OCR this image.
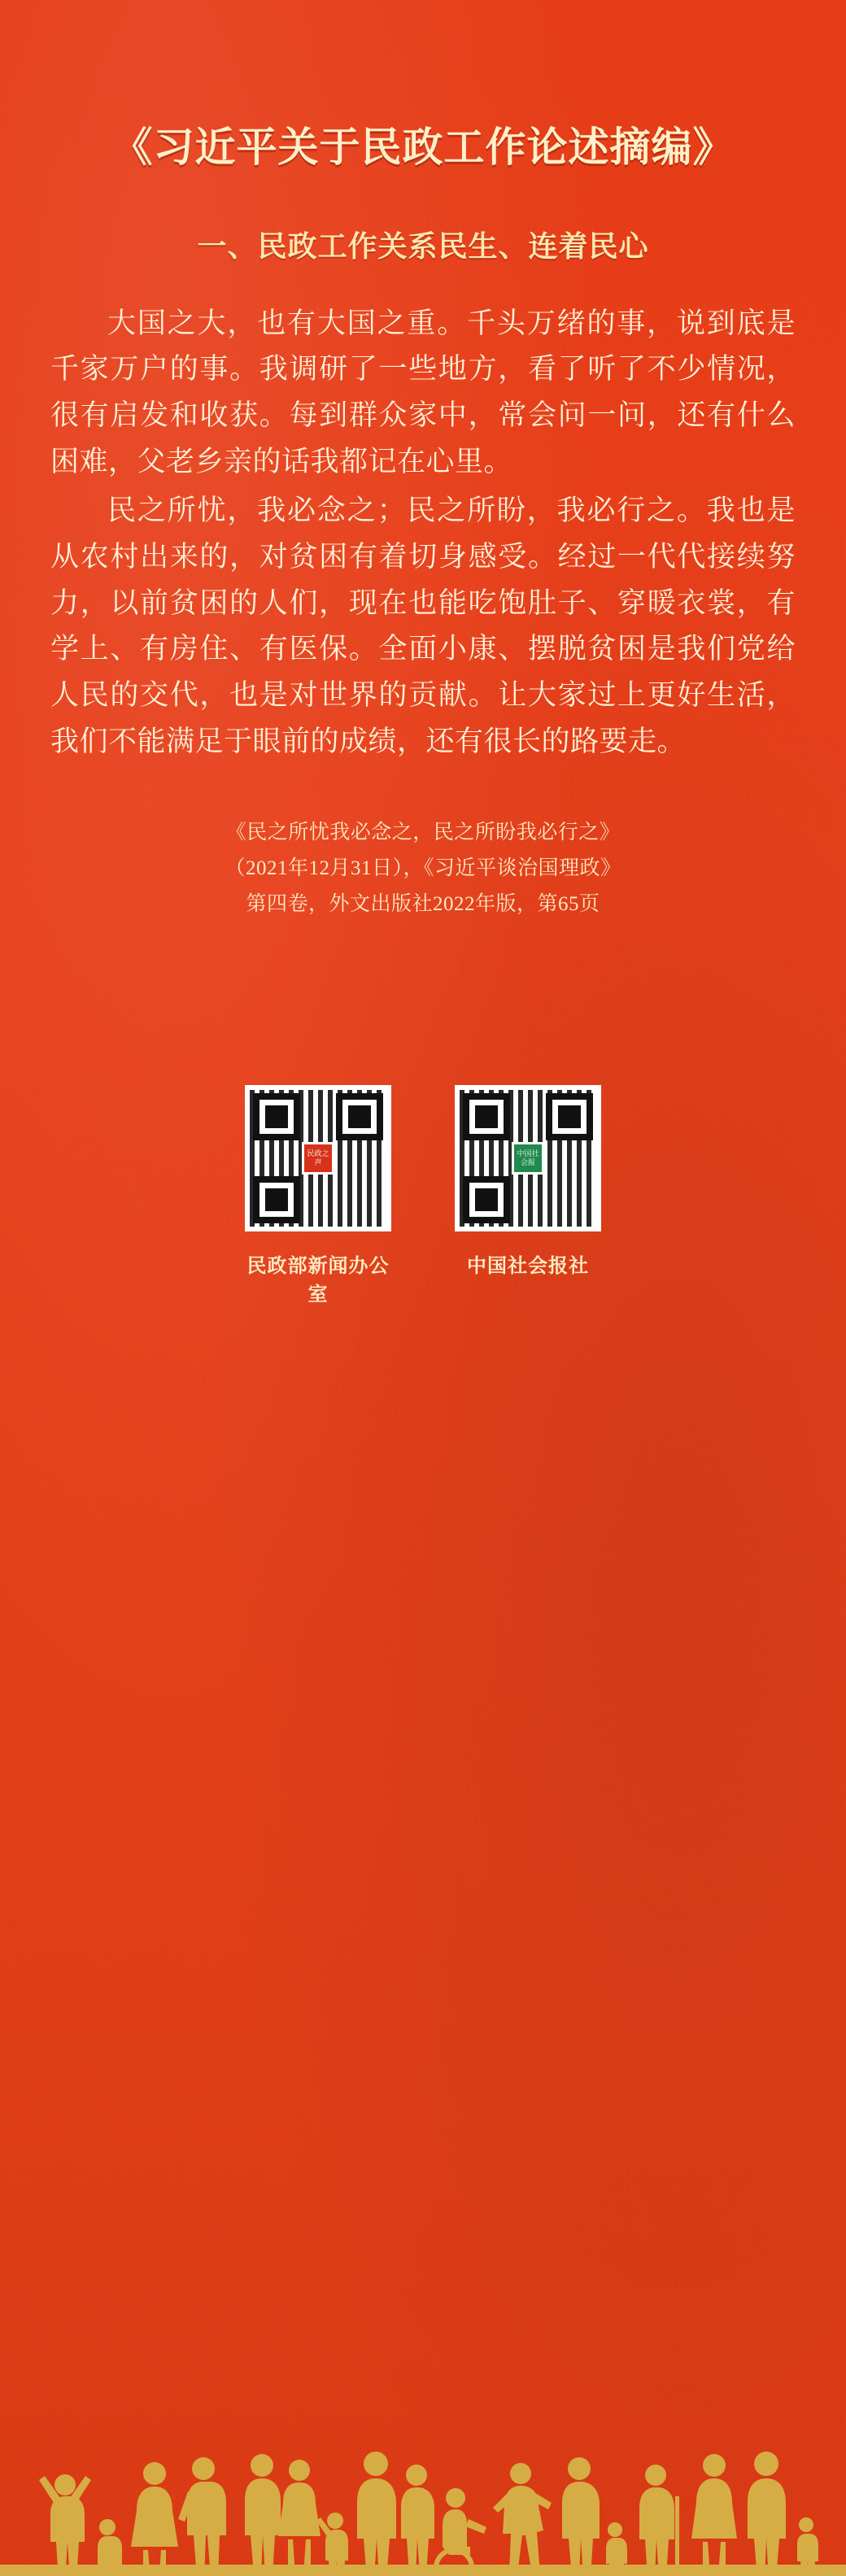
《习近平关于民政工作论述摘编》
一、民政工作关系民生、连着民心

大国之大，也有大国之重。千头万绪的事，说到底是千家万户的事。我调研了一些地方，看了听了不少情况，很有启发和收获。每到群众家中，常会问一问，还有什么困难，父老乡亲的话我都记在心里。

民之所忧，我必念之；民之所盼，我必行之。我也是从农村出来的，对贫困有着切身感受。经过一代代接续努力，以前贫困的人们，现在也能吃饱肚子、穿暖衣裳，有学上、有房住、有医保。全面小康、摆脱贫困是我们党给人民的交代，也是对世界的贡献。让大家过上更好生活，我们不能满足于眼前的成绩，还有很长的路要走。

《民之所忧我必念之，民之所盼我必行之》
（2021年12月31日），《习近平谈治国理政》
第四卷，外文出版社2022年版，第65页
民政之声
民政部新闻办公室
中国社会报
中国社会报社
